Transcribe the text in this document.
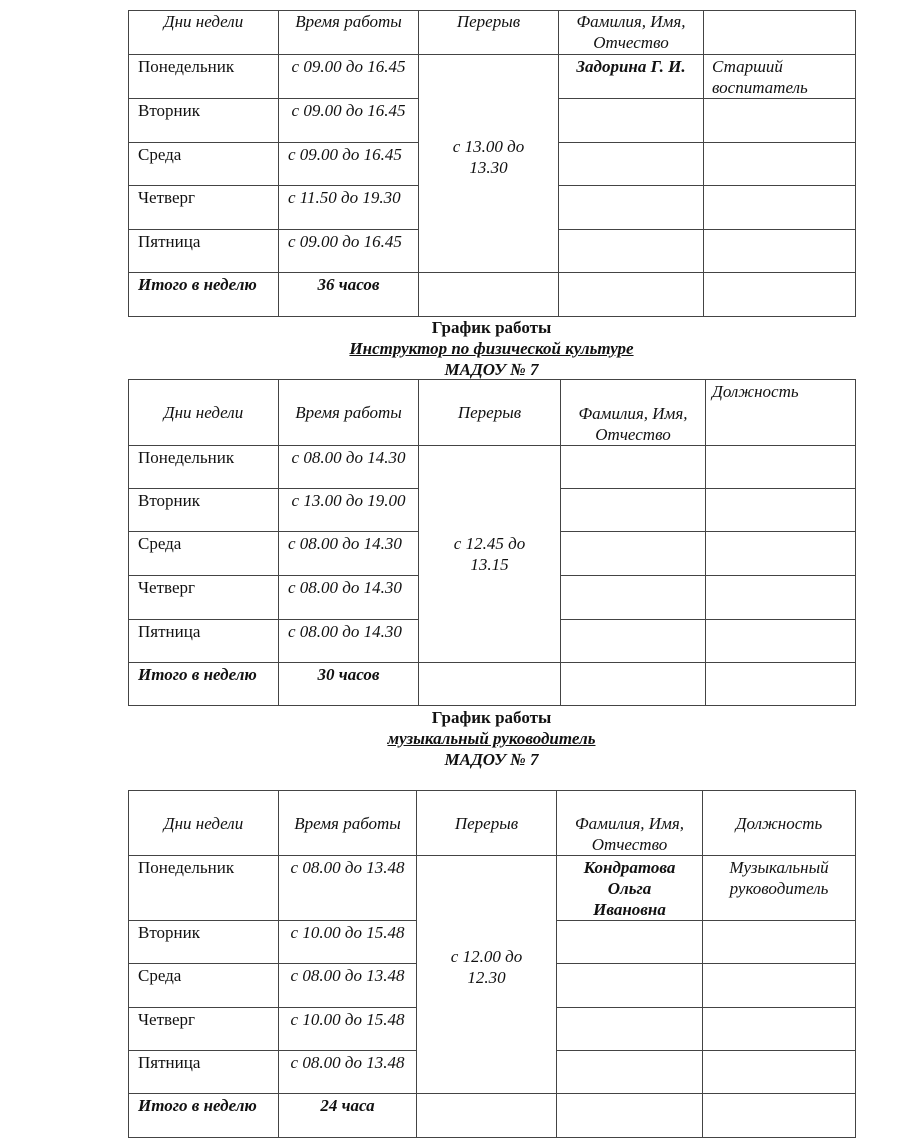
Дни недели	Время работы	Перерыв	Фамилия, Имя, Отчество	
Понедельник	с 09.00 до 16.45	с 13.00 до 13.30	Задорина Г. И.	Старший воспитатель
Вторник	с 09.00 до 16.45			
Среда	с 09.00 до 16.45			
Четверг	с 11.50 до 19.30			
Пятница	с 09.00 до 16.45			
Итого в неделю	36 часов			
График работы
Инструктор по физической культуре
МАДОУ № 7
Дни недели	Время работы	Перерыв	Фамилия, Имя, Отчество	Должность
Понедельник	с 08.00 до 14.30	с 12.45 до 13.15		

Вторник	с 13.00 до 19.00			
Среда	с 08.00 до 14.30			
Четверг	с 08.00 до 14.30			
Пятница	с 08.00 до 14.30			
Итого в неделю	30 часов			
График работы
музыкальный руководитель
МАДОУ № 7
Дни недели	Время работы	Перерыв	Фамилия, Имя, Отчество	Должность
Понедельник	с 08.00 до 13.48	с 12.00 до 12.30	Кондратова Ольга Ивановна	Музыкальный руководитель
Вторник	с 10.00 до 15.48			
Среда	с 08.00 до 13.48			
Четверг	с 10.00 до 15.48			
Пятница	с 08.00 до 13.48			
Итого в неделю	24 часа			
